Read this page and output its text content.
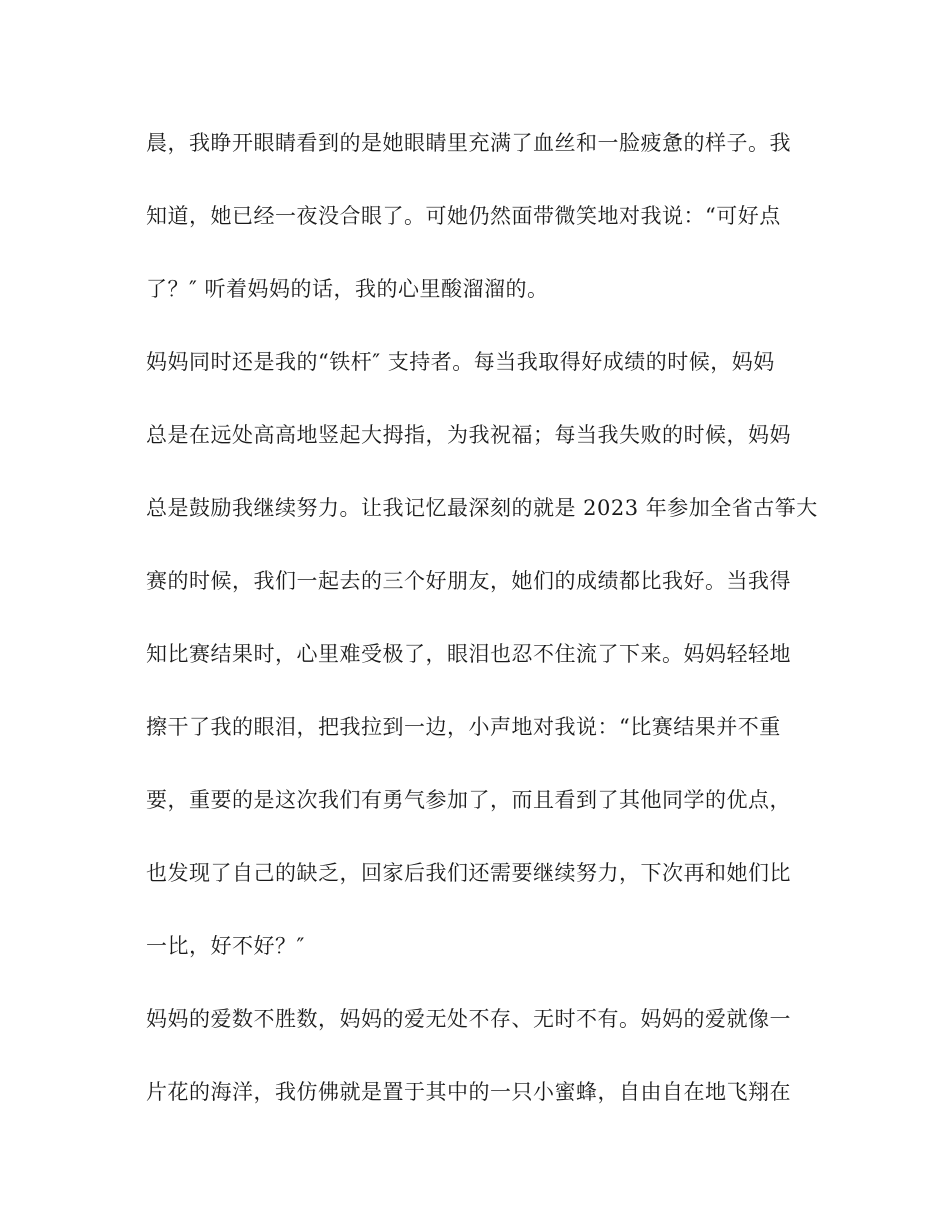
晨，我睁开眼睛看到的是她眼睛里充满了血丝和一脸疲惫的样子。我
知道，她已经一夜没合眼了。可她仍然面带微笑地对我说：“可好点
了？″ 听着妈妈的话，我的心里酸溜溜的。
妈妈同时还是我的“铁杆″ 支持者。每当我取得好成绩的时候，妈妈
总是在远处高高地竖起大拇指，为我祝福；每当我失败的时候，妈妈
总是鼓励我继续努力。让我记忆最深刻的就是 2023 年参加全省古筝大
赛的时候，我们一起去的三个好朋友，她们的成绩都比我好。当我得
知比赛结果时，心里难受极了，眼泪也忍不住流了下来。妈妈轻轻地
擦干了我的眼泪，把我拉到一边，小声地对我说：“比赛结果并不重
要，重要的是这次我们有勇气参加了，而且看到了其他同学的优点，
也发现了自己的缺乏，回家后我们还需要继续努力，下次再和她们比
一比，好不好？″
妈妈的爱数不胜数，妈妈的爱无处不存、无时不有。妈妈的爱就像一
片花的海洋，我仿佛就是置于其中的一只小蜜蜂，自由自在地飞翔在
